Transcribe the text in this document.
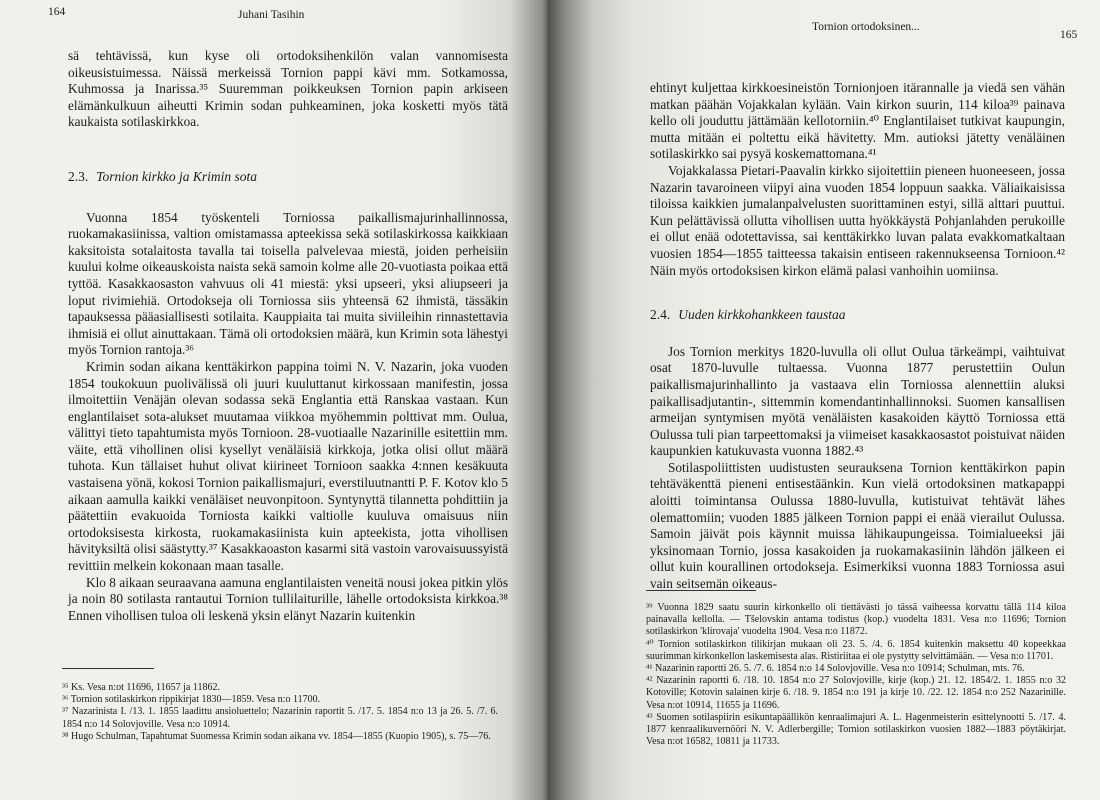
164	Juhani Tasihin

sä tehtävissä, kun kyse oli ortodoksihenkilön valan vannomisesta oikeusistuimessa. Näissä merkeissä Tornion pappi kävi mm. Sotkamossa, Kuhmossa ja Inarissa.³⁵ Suuremman poikkeuksen Tornion papin arkiseen elämänkulkuun aiheutti Krimin sodan puhkeaminen, joka kosketti myös tätä kaukaista sotilaskirkkoa.

2.3. Tornion kirkko ja Krimin sota

Vuonna 1854 työskenteli Torniossa paikallismajurinhallinnossa, ruokamakasiinissa, valtion omistamassa apteekissa sekä sotilaskirkossa kaikkiaan kaksitoista sotalaitosta tavalla tai toisella palvelevaa miestä, joiden perheisiin kuului kolme oikeauskoista naista sekä samoin kolme alle 20-vuotiasta poikaa että tyttöä. Kasakkaosaston vahvuus oli 41 miestä: yksi upseeri, yksi aliupseeri ja loput rivimiehiä. Ortodokseja oli Torniossa siis yhteensä 62 ihmistä, tässäkin tapauksessa pääasiallisesti sotilaita. Kauppiaita tai muita siviileihin rinnastettavia ihmisiä ei ollut ainuttakaan. Tämä oli ortodoksien määrä, kun Krimin sota lähestyi myös Tornion rantoja.³⁶

Krimin sodan aikana kenttäkirkon pappina toimi N. V. Nazarin, joka vuoden 1854 toukokuun puolivälissä oli juuri kuuluttanut kirkossaan manifestin, jossa ilmoitettiin Venäjän olevan sodassa sekä Englantia että Ranskaa vastaan. Kun englantilaiset sota-alukset muutamaa viikkoa myöhemmin polttivat mm. Oulua, välittyi tieto tapahtumista myös Tornioon. 28-vuotiaalle Nazarinille esitettiin mm. väite, että vihollinen olisi kysellyt venäläisiä kirkkoja, jotka olisi ollut määrä tuhota. Kun tällaiset huhut olivat kiirineet Tornioon saakka 4:nnen kesäkuuta vastaisena yönä, kokosi Tornion paikallismajuri, everstiluutnantti P. F. Kotov klo 5 aikaan aamulla kaikki venäläiset neuvonpitoon. Syntynyttä tilannetta pohdittiin ja päätettiin evakuoida Torniosta kaikki valtiolle kuuluva omaisuus niin ortodoksisesta kirkosta, ruokamakasiinista kuin apteekista, jotta vihollisen hävityksiltä olisi säästytty.³⁷ Kasakkaoaston kasarmi sitä vastoin varovaisuussyistä revittiin melkein kokonaan maan tasalle.

Klo 8 aikaan seuraavana aamuna englantilaisten veneitä nousi jokea pitkin ylös ja noin 80 sotilasta rantautui Tornion tullilaiturille, lähelle ortodoksista kirkkoa.³⁸ Ennen vihollisen tuloa oli leskenä yksin elänyt Nazarin kuitenkin

³⁵ Ks. Vesa n:ot 11696, 11657 ja 11862.

³⁶ Tornion sotilaskirkon rippikirjat 1830—1859. Vesa n:o 11700.

³⁷ Nazarinista I. /13. 1. 1855 laadittu ansioluettelo; Nazarinin raportit 5. /17. 5. 1854 n:o 13 ja 26. 5. /7. 6. 1854 n:o 14 Solovjoville. Vesa n:o 10914.

³⁸ Hugo Schulman, Tapahtumat Suomessa Krimin sodan aikana vv. 1854—1855 (Kuopio 1905), s. 75—76.

Tornion ortodoksinen...
165

ehtinyt kuljettaa kirkkoesineistön Tornionjoen itärannalle ja viedä sen vähän matkan päähän Vojakkalan kylään. Vain kirkon suurin, 114 kiloa³⁹ painava kello oli jouduttu jättämään kellotorniin.⁴⁰ Englantilaiset tutkivat kaupungin, mutta mitään ei poltettu eikä hävitetty. Mm. autioksi jätetty venäläinen sotilaskirkko sai pysyä koskemattomana.⁴¹

Vojakkalassa Pietari-Paavalin kirkko sijoitettiin pieneen huoneeseen, jossa Nazarin tavaroineen viipyi aina vuoden 1854 loppuun saakka. Väliaikaisissa tiloissa kaikkien jumalanpalvelusten suorittaminen estyi, sillä alttari puuttui. Kun pelättävissä ollutta vihollisen uutta hyökkäystä Pohjanlahden perukoille ei ollut enää odotettavissa, sai kenttäkirkko luvan palata evakkomatkaltaan vuosien 1854—1855 taitteessa takaisin entiseen rakennukseensa Tornioon.⁴² Näin myös ortodoksisen kirkon elämä palasi vanhoihin uomiinsa.

2.4. Uuden kirkkohankkeen taustaa

Jos Tornion merkitys 1820-luvulla oli ollut Oulua tärkeämpi, vaihtuivat osat 1870-luvulle tultaessa. Vuonna 1877 perustettiin Oulun paikallismajurinhallinto ja vastaava elin Torniossa alennettiin aluksi paikallisadjutantin-, sittemmin komendantinhallinnoksi. Suomen kansallisen armeijan syntymisen myötä venäläisten kasakoiden käyttö Torniossa että Oulussa tuli pian tarpeettomaksi ja viimeiset kasakkaosastot poistuivat näiden kaupunkien katukuvasta vuonna 1882.⁴³

Sotilaspoliittisten uudistusten seurauksena Tornion kenttäkirkon papin tehtäväkenttä pieneni entisestäänkin. Kun vielä ortodoksinen matkapappi aloitti toimintansa Oulussa 1880-luvulla, kutistuivat tehtävät lähes olemattomiin; vuoden 1885 jälkeen Tornion pappi ei enää vierailut Oulussa. Samoin jäivät pois käynnit muissa lähikaupungeissa. Toimialueeksi jäi yksinomaan Tornio, jossa kasakoiden ja ruokamakasiinin lähdön jälkeen ei ollut kuin kourallinen ortodokseja. Esimerkiksi vuonna 1883 Torniossa asui vain seitsemän oikeaus-

³⁹ Vuonna 1829 saatu suurin kirkonkello oli tiettävästi jo tässä vaiheessa korvattu tällä 114 kiloa painavalla kellolla. — Tšelovskin antama todistus (kop.) vuodelta 1831. Vesa n:o 11696; Tornion sotilaskirkon 'klirovaja' vuodelta 1904. Vesa n:o 11872.

⁴⁰ Tornion sotilaskirkon tilikirjan mukaan oli 23. 5. /4. 6. 1854 kuitenkin maksettu 40 kopeekkaa suurimman kirkonkellon laskemisesta alas. Ristiriitaa ei ole pystytty selvittämään. — Vesa n:o 11701.

⁴¹ Nazarinin raportti 26. 5. /7. 6. 1854 n:o 14 Solovjoville. Vesa n:o 10914; Schulman, mts. 76.

⁴² Nazarinin raportti 6. /18. 10. 1854 n:o 27 Solovjoville, kirje (kop.) 21. 12. 1854/2. 1. 1855 n:o 32 Kotoville; Kotovin salainen kirje 6. /18. 9. 1854 n:o 191 ja kirje 10. /22. 12. 1854 n:o 252 Nazarinille. Vesa n:ot 10914, 11655 ja 11696.

⁴³ Suomen sotilaspiirin esikuntapäällikön kenraalimajuri A. L. Hagenmeisterin esittelynootti 5. /17. 4. 1877 kenraalikuvernööri N. V. Adlerbergille; Tornion sotilaskirkon vuosien 1882—1883 pöytäkirjat. Vesa n:ot 16582, 10811 ja 11733.
